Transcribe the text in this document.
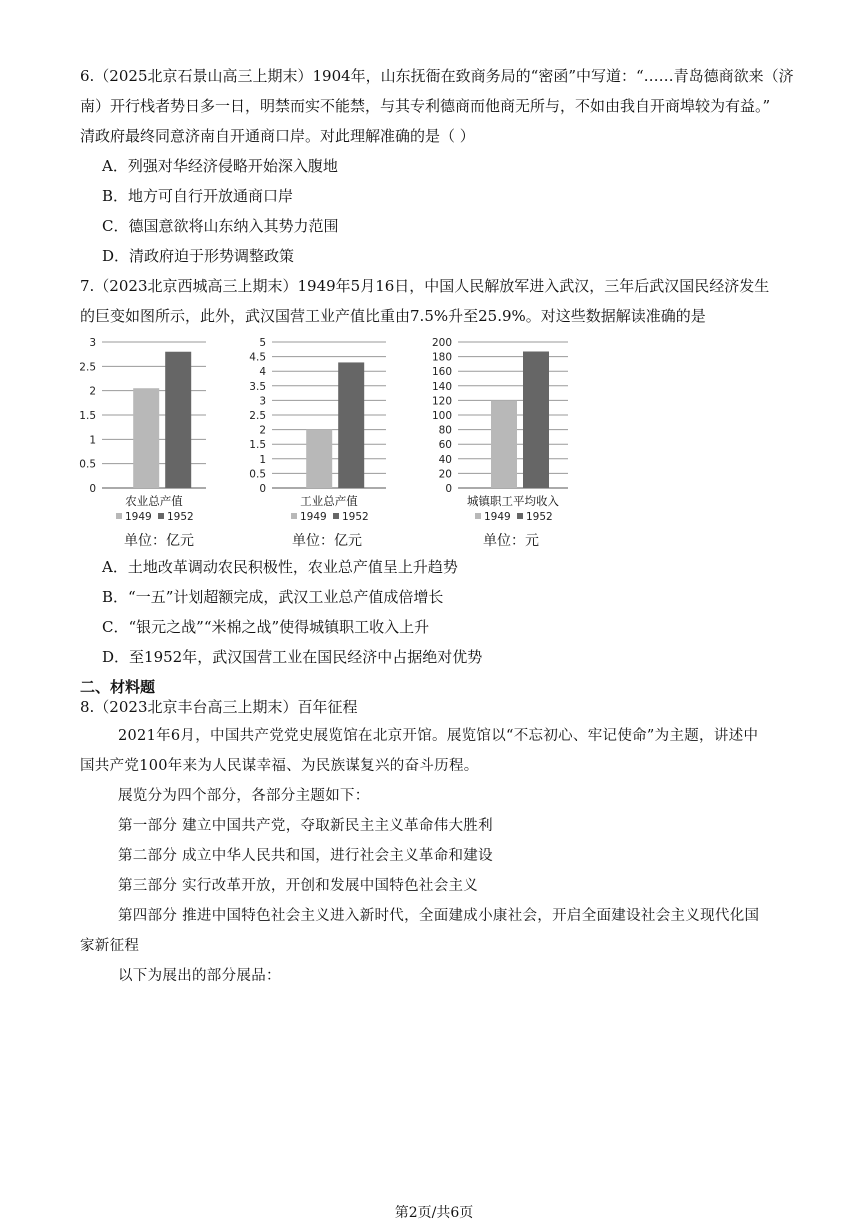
6.（2025北京石景山高三上期末）1904年，山东抚衙在致商务局的“密函”中写道：“……青岛德商欲来（济
南）开行栈者势日多一日，明禁而实不能禁，与其专利德商而他商无所与，不如由我自开商埠较为有益。”
清政府最终同意济南自开通商口岸。对此理解准确的是（ ）
A．列强对华经济侵略开始深入腹地
B．地方可自行开放通商口岸
C．德国意欲将山东纳入其势力范围
D．清政府迫于形势调整政策
7.（2023北京西城高三上期末）1949年5月16日，中国人民解放军进入武汉，三年后武汉国民经济发生
的巨变如图所示，此外，武汉国营工业产值比重由7.5%升至25.9%。对这些数据解读准确的是
0
0.5
1
1.5
2
2.5
3
农业总产值
1949 1952
0
0.5
1
1.5
2
2.5
3
3.5
4
4.5
5
工业总产值
1949 1952
0
20
40
60
80
100
120
140
160
180
200
城镇职工平均收入
1949 1952
单位：亿元	单位：亿元	单位：元
A．土地改革调动农民积极性，农业总产值呈上升趋势
B．“一五”计划超额完成，武汉工业总产值成倍增长
C．“银元之战”“米棉之战”使得城镇职工收入上升
D．至1952年，武汉国营工业在国民经济中占据绝对优势
二、材料题
8.（2023北京丰台高三上期末）百年征程
2021年6月，中国共产党党史展览馆在北京开馆。展览馆以“不忘初心、牢记使命”为主题，讲述中
国共产党100年来为人民谋幸福、为民族谋复兴的奋斗历程。
展览分为四个部分，各部分主题如下：
第一部分 建立中国共产党，夺取新民主主义革命伟大胜利
第二部分 成立中华人民共和国，进行社会主义革命和建设
第三部分 实行改革开放，开创和发展中国特色社会主义
第四部分 推进中国特色社会主义进入新时代，全面建成小康社会，开启全面建设社会主义现代化国
家新征程
以下为展出的部分展品：
第2页/共6页
